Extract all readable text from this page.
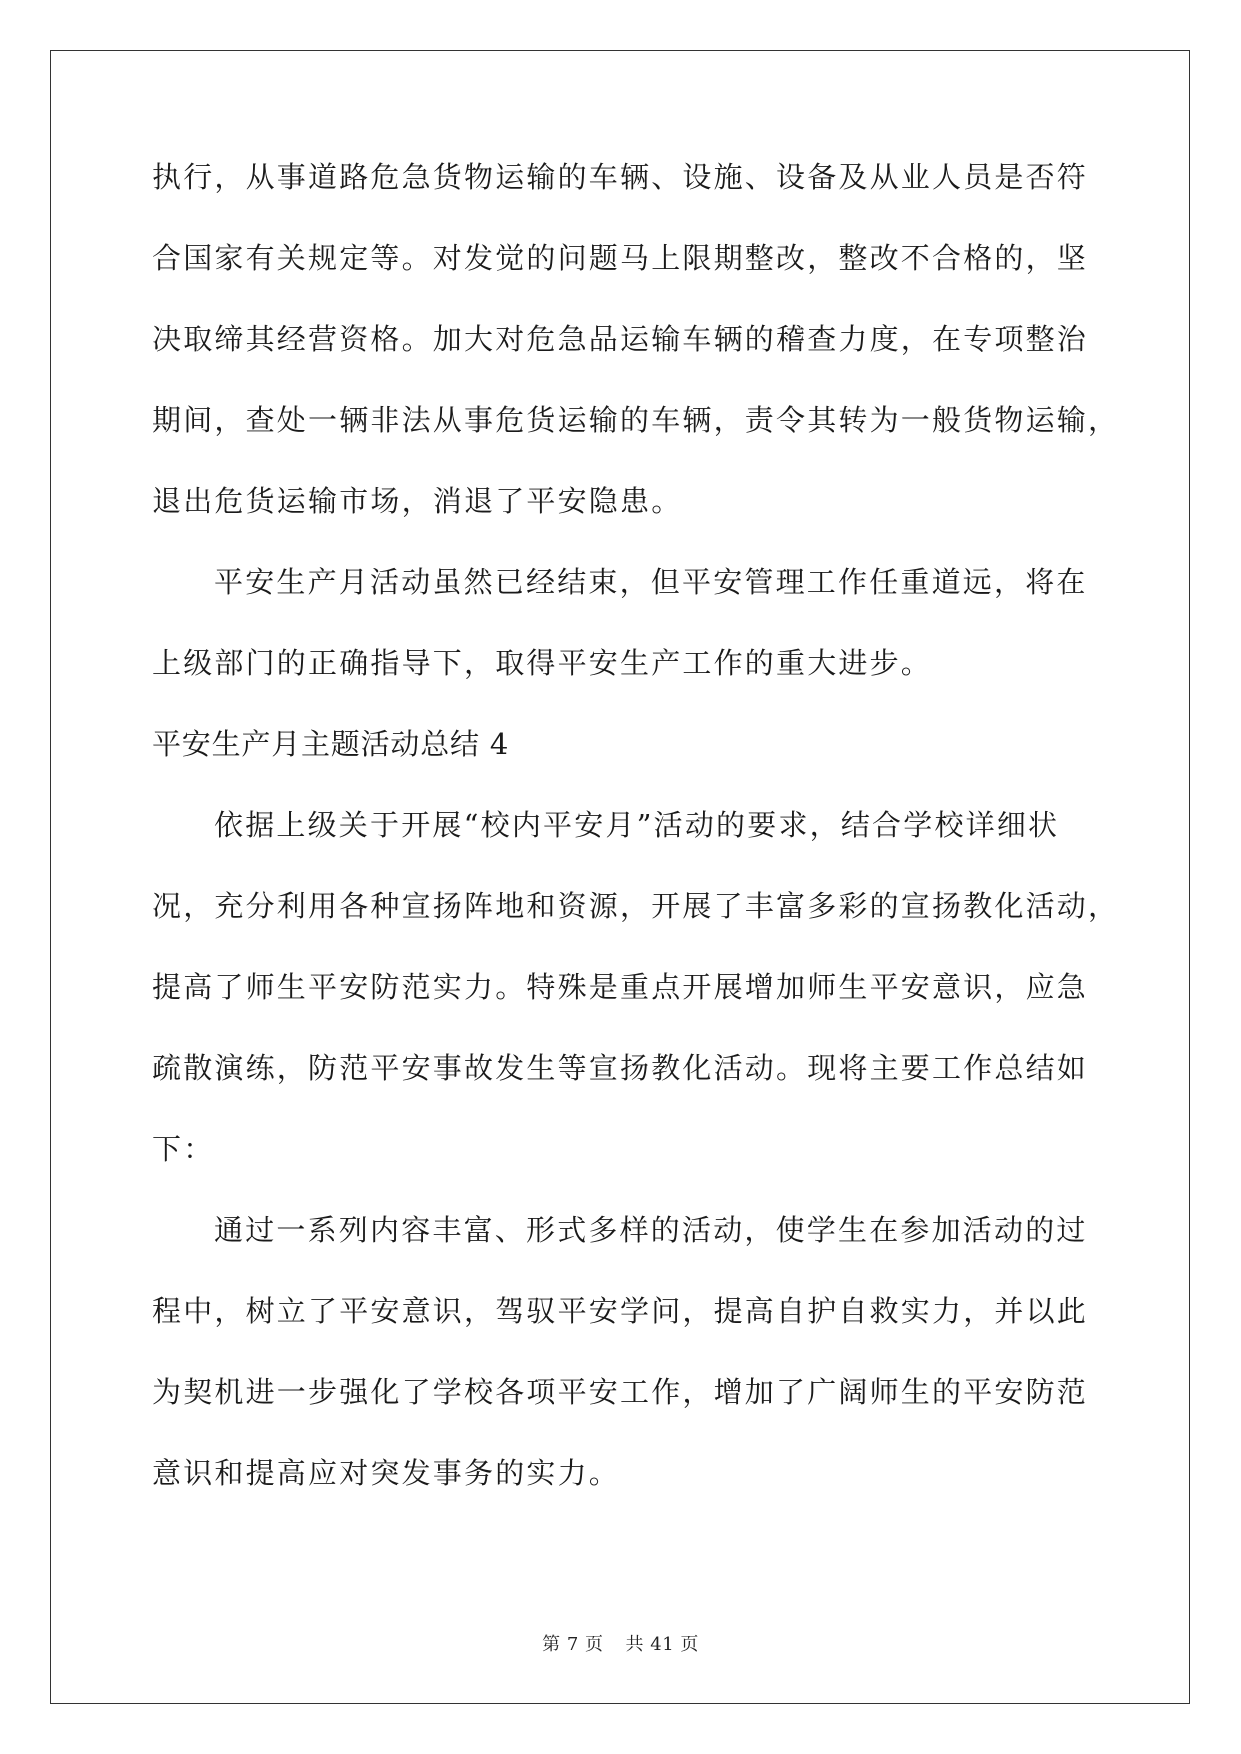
执行，从事道路危急货物运输的车辆、设施、设备及从业人员是否符
合国家有关规定等。对发觉的问题马上限期整改，整改不合格的，坚
决取缔其经营资格。加大对危急品运输车辆的稽查力度，在专项整治
期间，查处一辆非法从事危货运输的车辆，责令其转为一般货物运输，
退出危货运输市场，消退了平安隐患。
平安生产月活动虽然已经结束，但平安管理工作任重道远，将在
上级部门的正确指导下，取得平安生产工作的重大进步。
平安生产月主题活动总结 4
依据上级关于开展“校内平安月”活动的要求，结合学校详细状
况，充分利用各种宣扬阵地和资源，开展了丰富多彩的宣扬教化活动，
提高了师生平安防范实力。特殊是重点开展增加师生平安意识，应急
疏散演练，防范平安事故发生等宣扬教化活动。现将主要工作总结如
下：
通过一系列内容丰富、形式多样的活动，使学生在参加活动的过
程中，树立了平安意识，驾驭平安学问，提高自护自救实力，并以此
为契机进一步强化了学校各项平安工作，增加了广阔师生的平安防范
意识和提高应对突发事务的实力。
第 7 页 共 41 页
